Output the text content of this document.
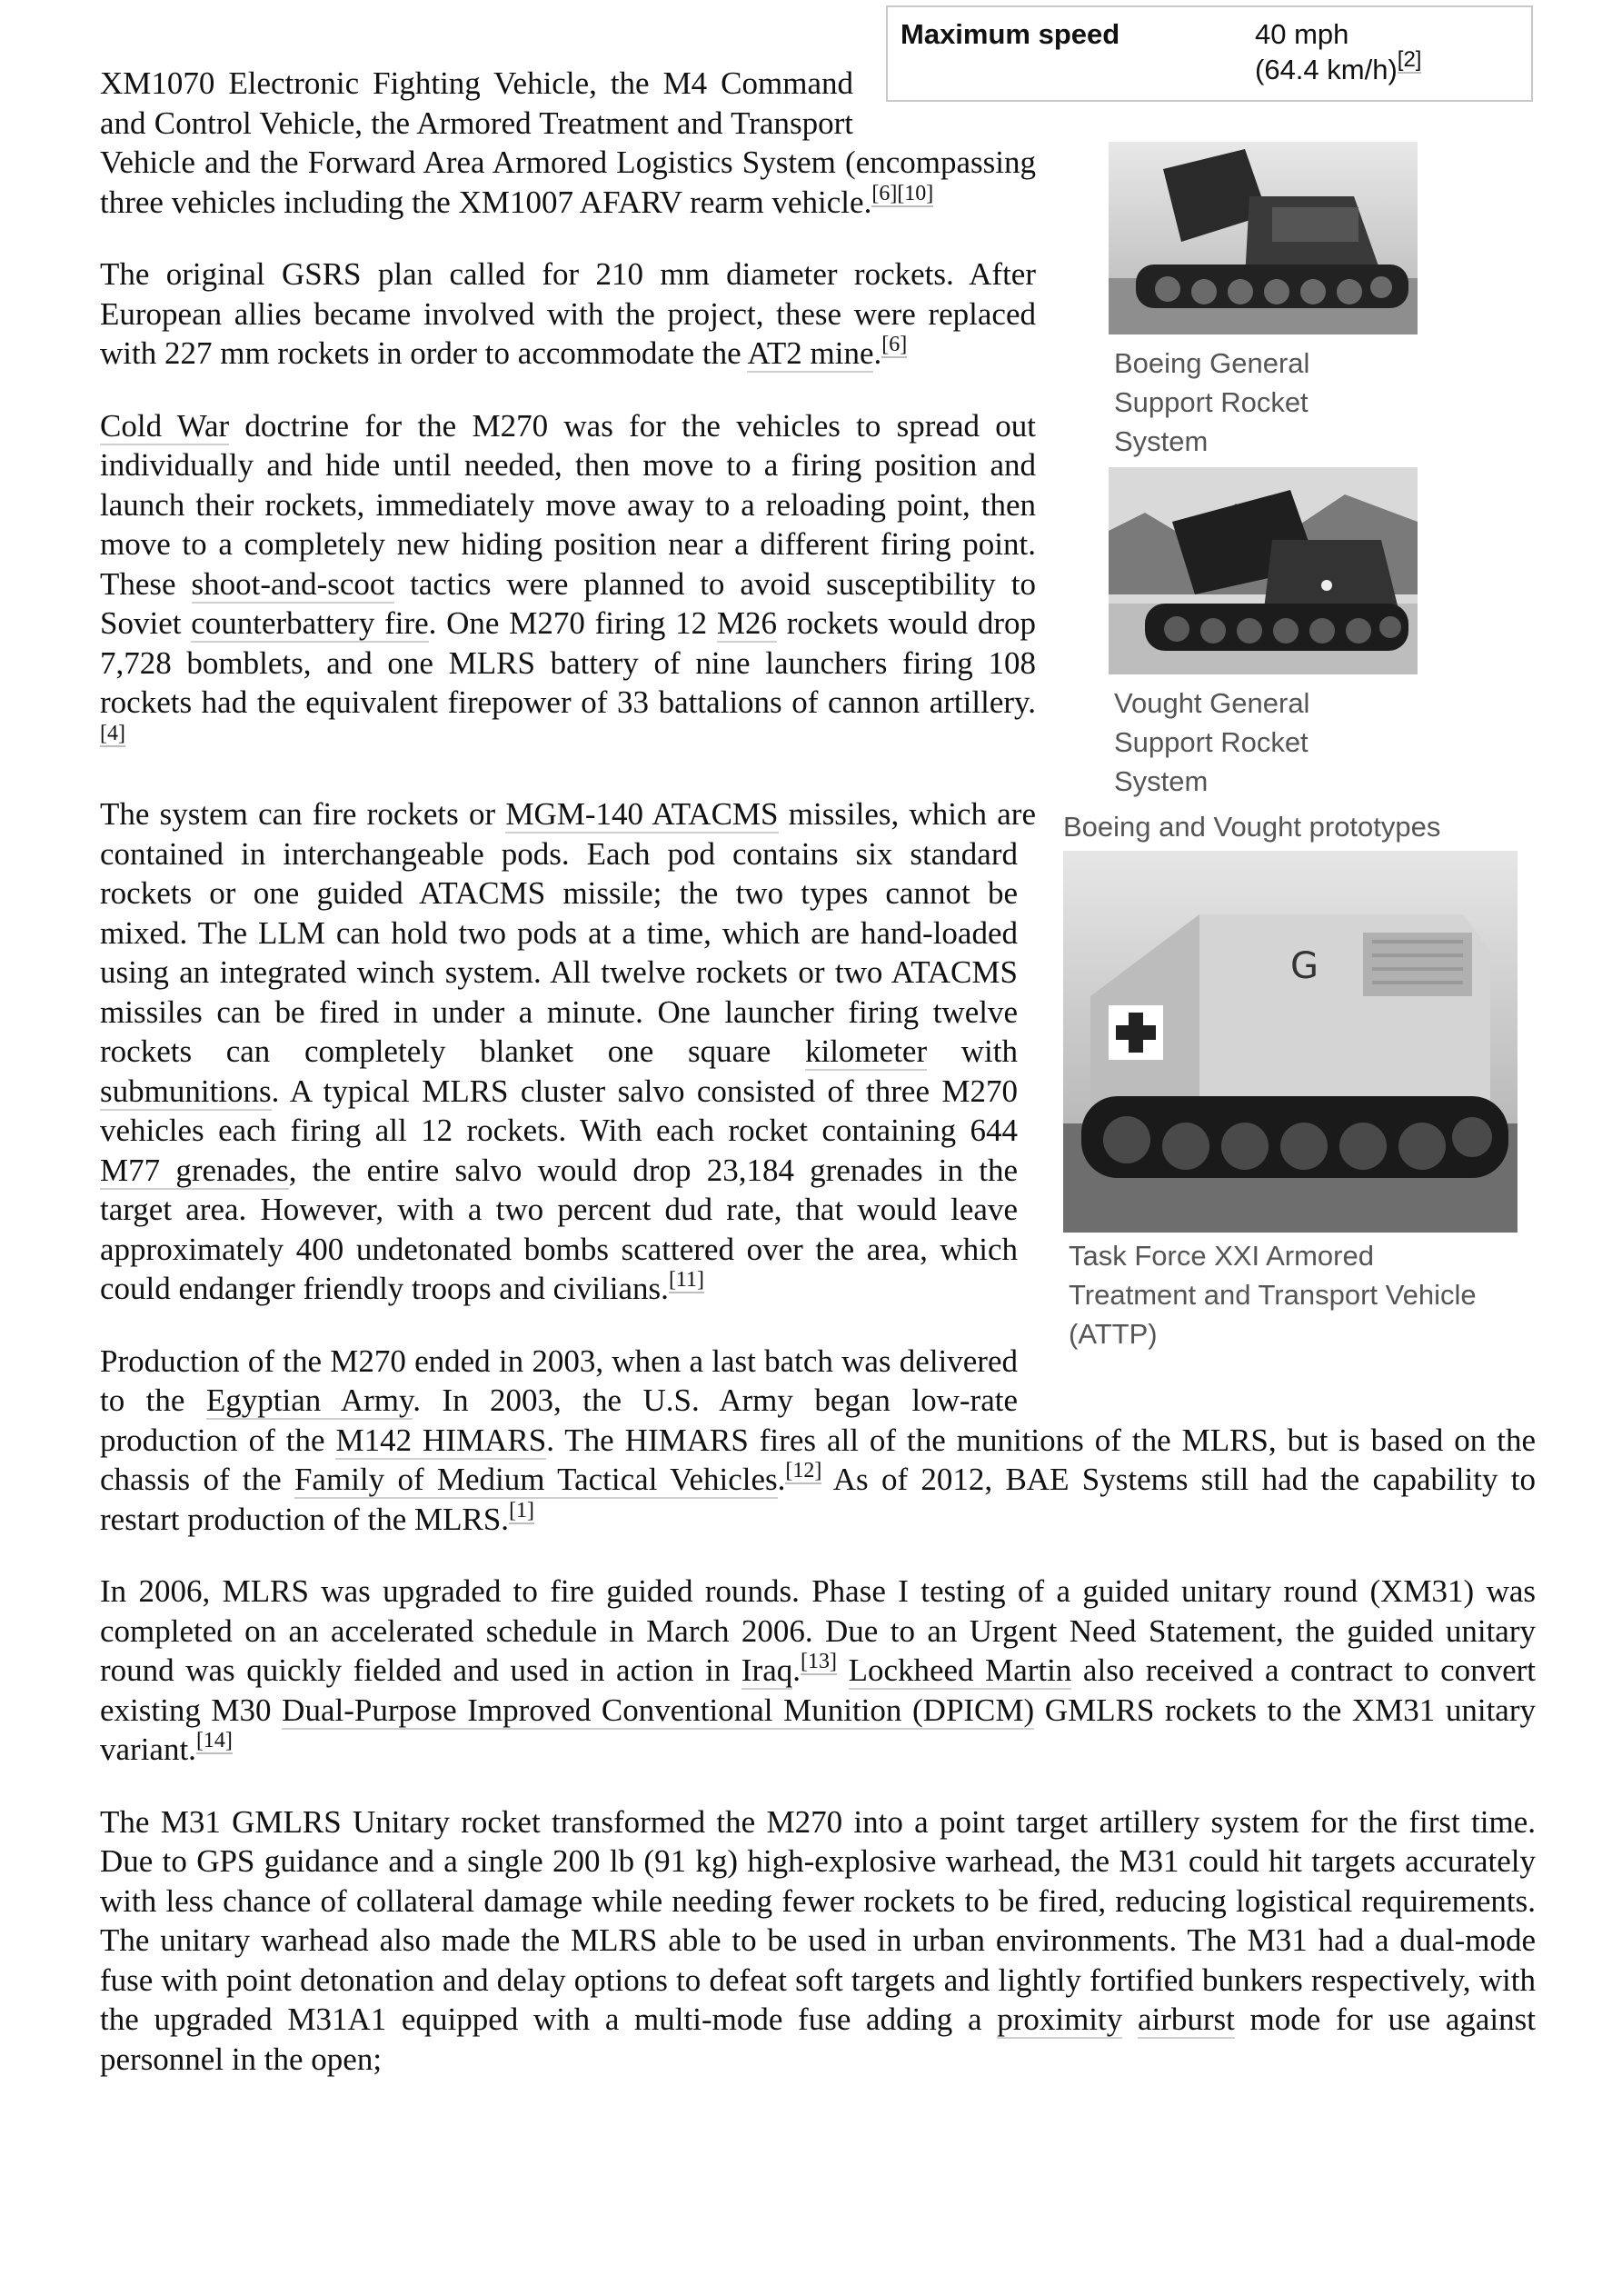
Maximum speed	40 mph
(64.4 km/h)[2]
Boeing General
Support Rocket
System
Vought General
Support Rocket
System
Boeing and Vought prototypes
G
Task Force XXI Armored
Treatment and Transport Vehicle
(ATTP)

XM1070 Electronic Fighting Vehicle, the M4 Command and Control Vehicle, the Armored Treatment and Transport Vehicle and the Forward Area Armored Logistics System (encompassing three vehicles including the XM1007 AFARV rearm vehicle.[6][10]

The original GSRS plan called for 210 mm diameter rockets. After European allies became involved with the project, these were replaced with 227 mm rockets in order to accommodate the AT2 mine.[6]

Cold War doctrine for the M270 was for the vehicles to spread out individually and hide until needed, then move to a firing position and launch their rockets, immediately move away to a reloading point, then move to a completely new hiding position near a different firing point. These shoot-and-scoot tactics were planned to avoid susceptibility to Soviet counterbattery fire. One M270 firing 12 M26 rockets would drop 7,728 bomblets, and one MLRS battery of nine launchers firing 108 rockets had the equivalent firepower of 33 battalions of cannon artillery.[4]

The system can fire rockets or MGM-140 ATACMS missiles, which are contained in interchangeable pods. Each pod contains six standard rockets or one guided ATACMS missile; the two types cannot be mixed. The LLM can hold two pods at a time, which are hand-loaded using an integrated winch system. All twelve rockets or two ATACMS missiles can be fired in under a minute. One launcher firing twelve rockets can completely blanket one square kilometer with submunitions. A typical MLRS cluster salvo consisted of three M270 vehicles each firing all 12 rockets. With each rocket containing 644 M77 grenades, the entire salvo would drop 23,184 grenades in the target area. However, with a two percent dud rate, that would leave approximately 400 undetonated bombs scattered over the area, which could endanger friendly troops and civilians.[11]

Production of the M270 ended in 2003, when a last batch was delivered to the Egyptian Army. In 2003, the U.S. Army began low-rate production of the M142 HIMARS. The HIMARS fires all of the munitions of the MLRS, but is based on the chassis of the Family of Medium Tactical Vehicles.[12] As of 2012, BAE Systems still had the capability to restart production of the MLRS.[1]

In 2006, MLRS was upgraded to fire guided rounds. Phase I testing of a guided unitary round (XM31) was completed on an accelerated schedule in March 2006. Due to an Urgent Need Statement, the guided unitary round was quickly fielded and used in action in Iraq.[13] Lockheed Martin also received a contract to convert existing M30 Dual-Purpose Improved Conventional Munition (DPICM) GMLRS rockets to the XM31 unitary variant.[14]

The M31 GMLRS Unitary rocket transformed the M270 into a point target artillery system for the first time. Due to GPS guidance and a single 200 lb (91 kg) high-explosive warhead, the M31 could hit targets accurately with less chance of collateral damage while needing fewer rockets to be fired, reducing logistical requirements. The unitary warhead also made the MLRS able to be used in urban environments. The M31 had a dual-mode fuse with point detonation and delay options to defeat soft targets and lightly fortified bunkers respectively, with the upgraded M31A1 equipped with a multi-mode fuse adding a proximity airburst mode for use against personnel in the open;
